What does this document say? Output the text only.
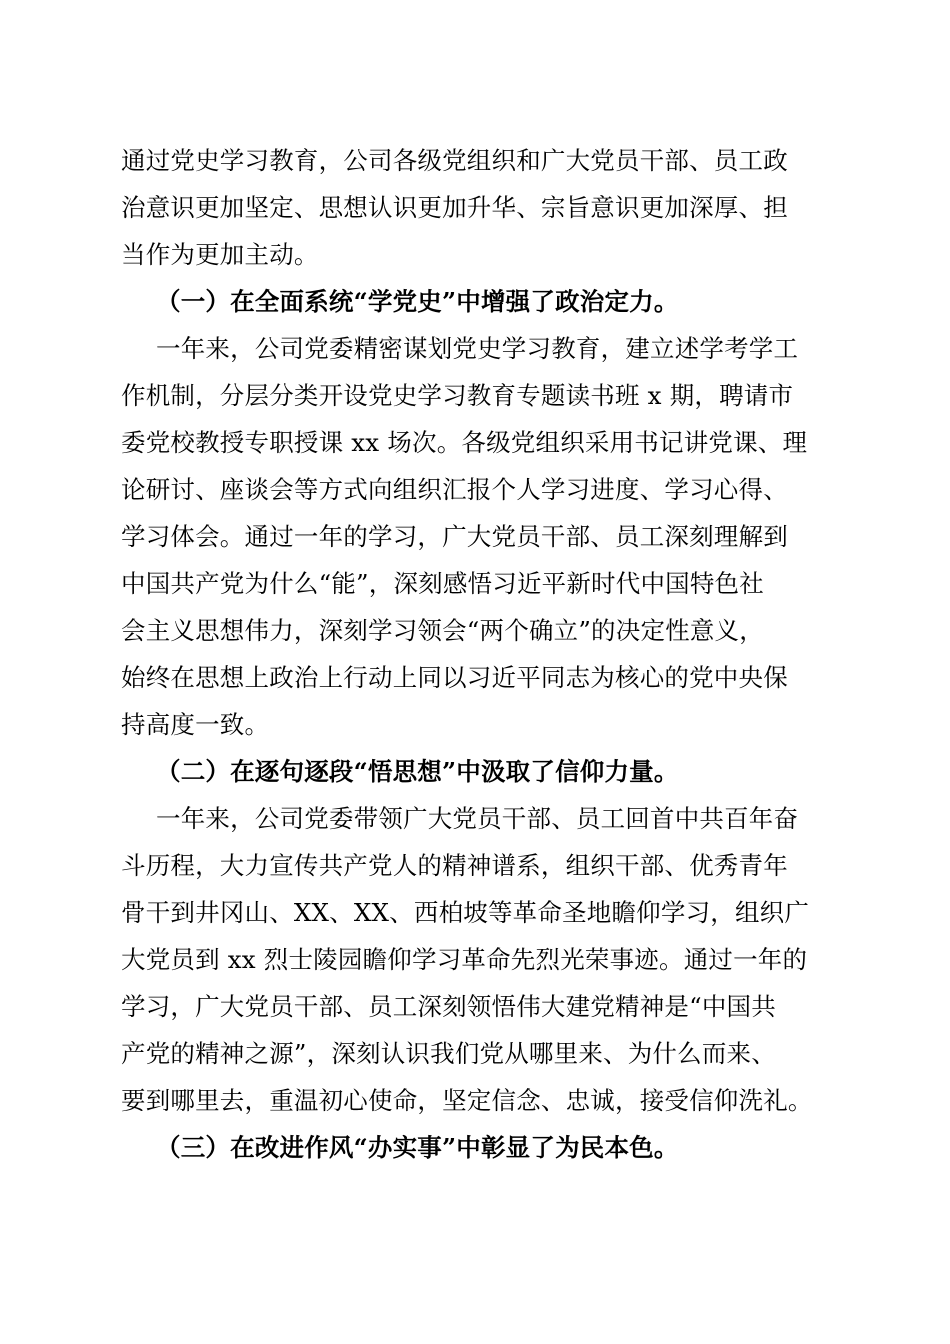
通过党史学习教育，公司各级党组织和广大党员干部、员工政
治意识更加坚定、思想认识更加升华、宗旨意识更加深厚、担
当作为更加主动。
（一）在全面系统“学党史”中增强了政治定力。
一年来，公司党委精密谋划党史学习教育，建立述学考学工
作机制，分层分类开设党史学习教育专题读书班 x 期，聘请市
委党校教授专职授课 xx 场次。各级党组织采用书记讲党课、理
论研讨、座谈会等方式向组织汇报个人学习进度、学习心得、
学习体会。通过一年的学习，广大党员干部、员工深刻理解到
中国共产党为什么“能”，深刻感悟习近平新时代中国特色社
会主义思想伟力，深刻学习领会“两个确立”的决定性意义，
始终在思想上政治上行动上同以习近平同志为核心的党中央保
持高度一致。
（二）在逐句逐段“悟思想”中汲取了信仰力量。
一年来，公司党委带领广大党员干部、员工回首中共百年奋
斗历程，大力宣传共产党人的精神谱系，组织干部、优秀青年
骨干到井冈山、XX、XX、西柏坡等革命圣地瞻仰学习，组织广
大党员到 xx 烈士陵园瞻仰学习革命先烈光荣事迹。通过一年的
学习，广大党员干部、员工深刻领悟伟大建党精神是“中国共
产党的精神之源”，深刻认识我们党从哪里来、为什么而来、
要到哪里去，重温初心使命，坚定信念、忠诚，接受信仰洗礼。
（三）在改进作风“办实事”中彰显了为民本色。
